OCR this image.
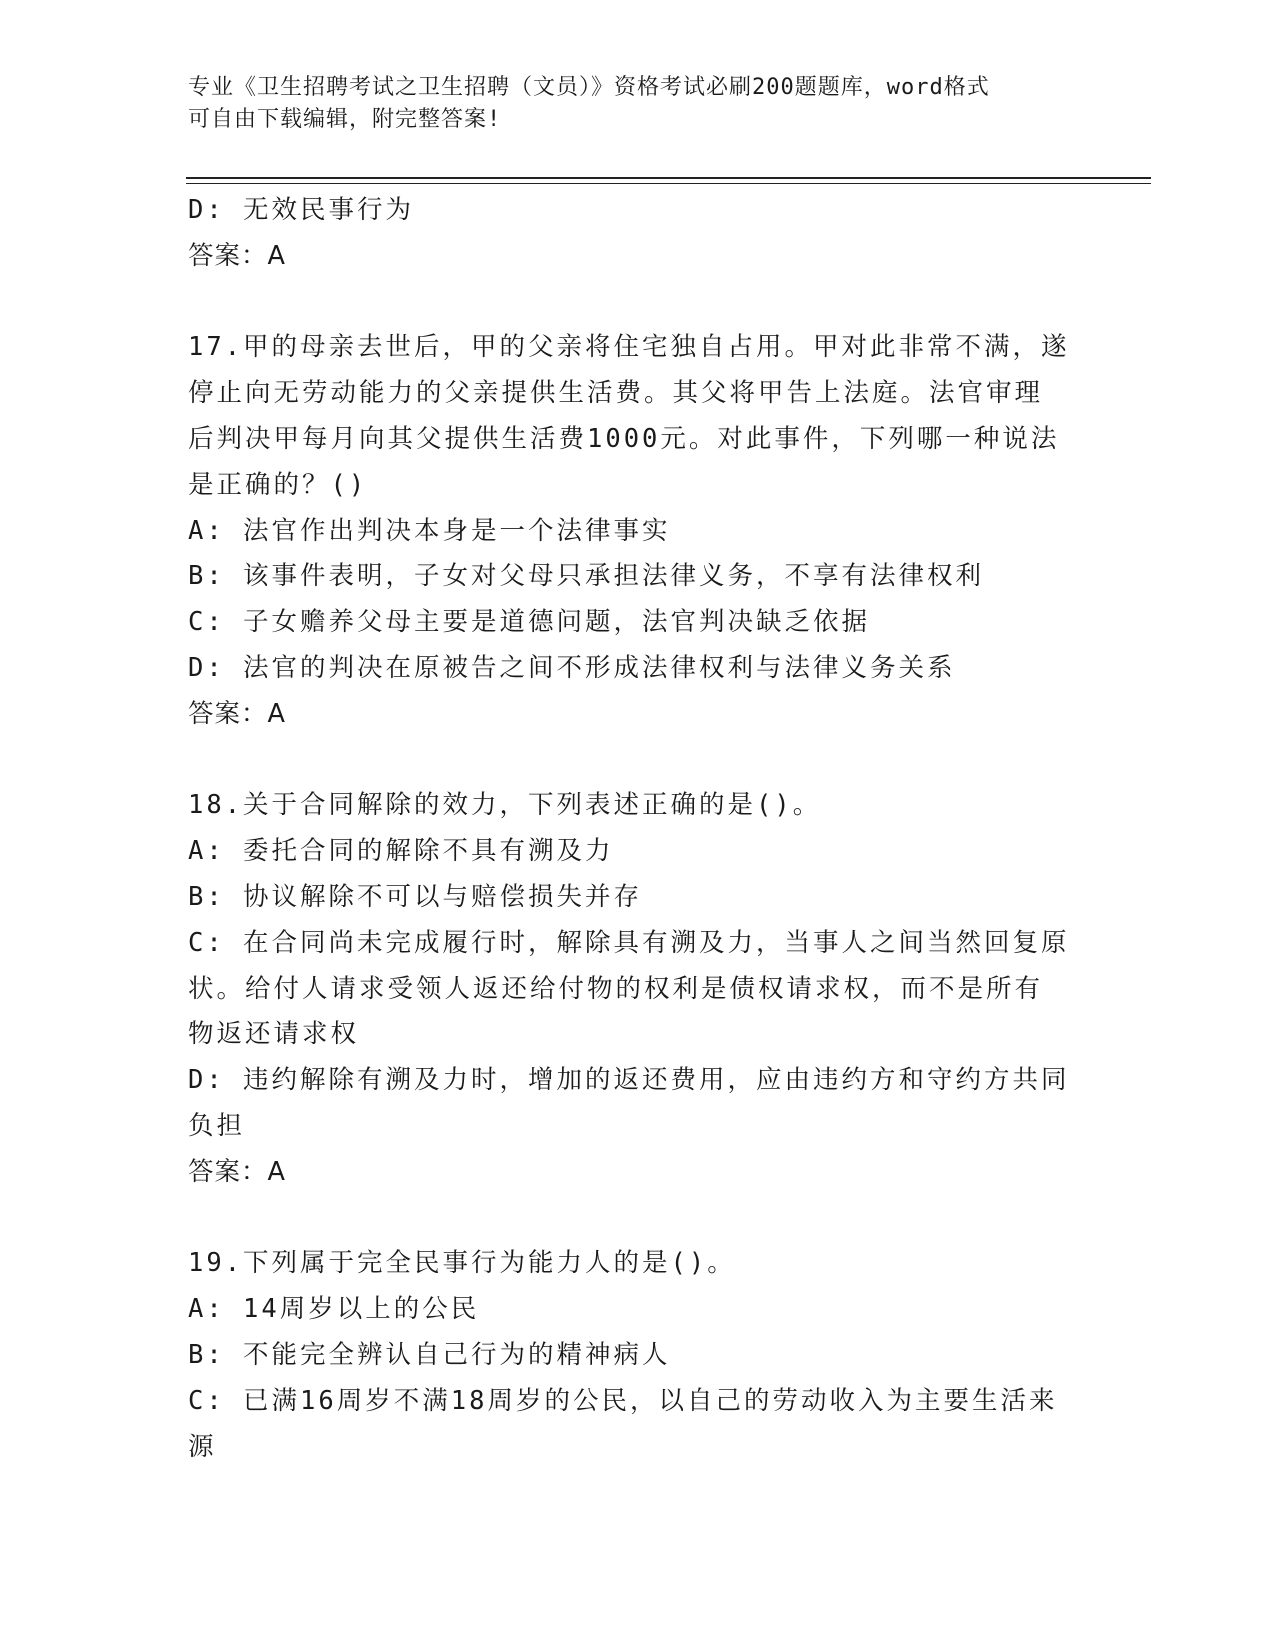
专业《卫生招聘考试之卫生招聘（文员）》资格考试必刷200题题库，word格式
可自由下载编辑，附完整答案!

D: 无效民事行为

答案：A

17.甲的母亲去世后，甲的父亲将住宅独自占用。甲对此非常不满，遂

停止向无劳动能力的父亲提供生活费。其父将甲告上法庭。法官审理

后判决甲每月向其父提供生活费1000元。对此事件，下列哪一种说法

是正确的？()

A: 法官作出判决本身是一个法律事实

B: 该事件表明，子女对父母只承担法律义务，不享有法律权利

C: 子女赡养父母主要是道德问题，法官判决缺乏依据

D: 法官的判决在原被告之间不形成法律权利与法律义务关系

答案：A

18.关于合同解除的效力，下列表述正确的是()。

A: 委托合同的解除不具有溯及力

B: 协议解除不可以与赔偿损失并存

C: 在合同尚未完成履行时，解除具有溯及力，当事人之间当然回复原

状。给付人请求受领人返还给付物的权利是债权请求权，而不是所有

物返还请求权

D: 违约解除有溯及力时，增加的返还费用，应由违约方和守约方共同

负担

答案：A

19.下列属于完全民事行为能力人的是()。

A: 14周岁以上的公民

B: 不能完全辨认自己行为的精神病人

C: 已满16周岁不满18周岁的公民，以自己的劳动收入为主要生活来

源
